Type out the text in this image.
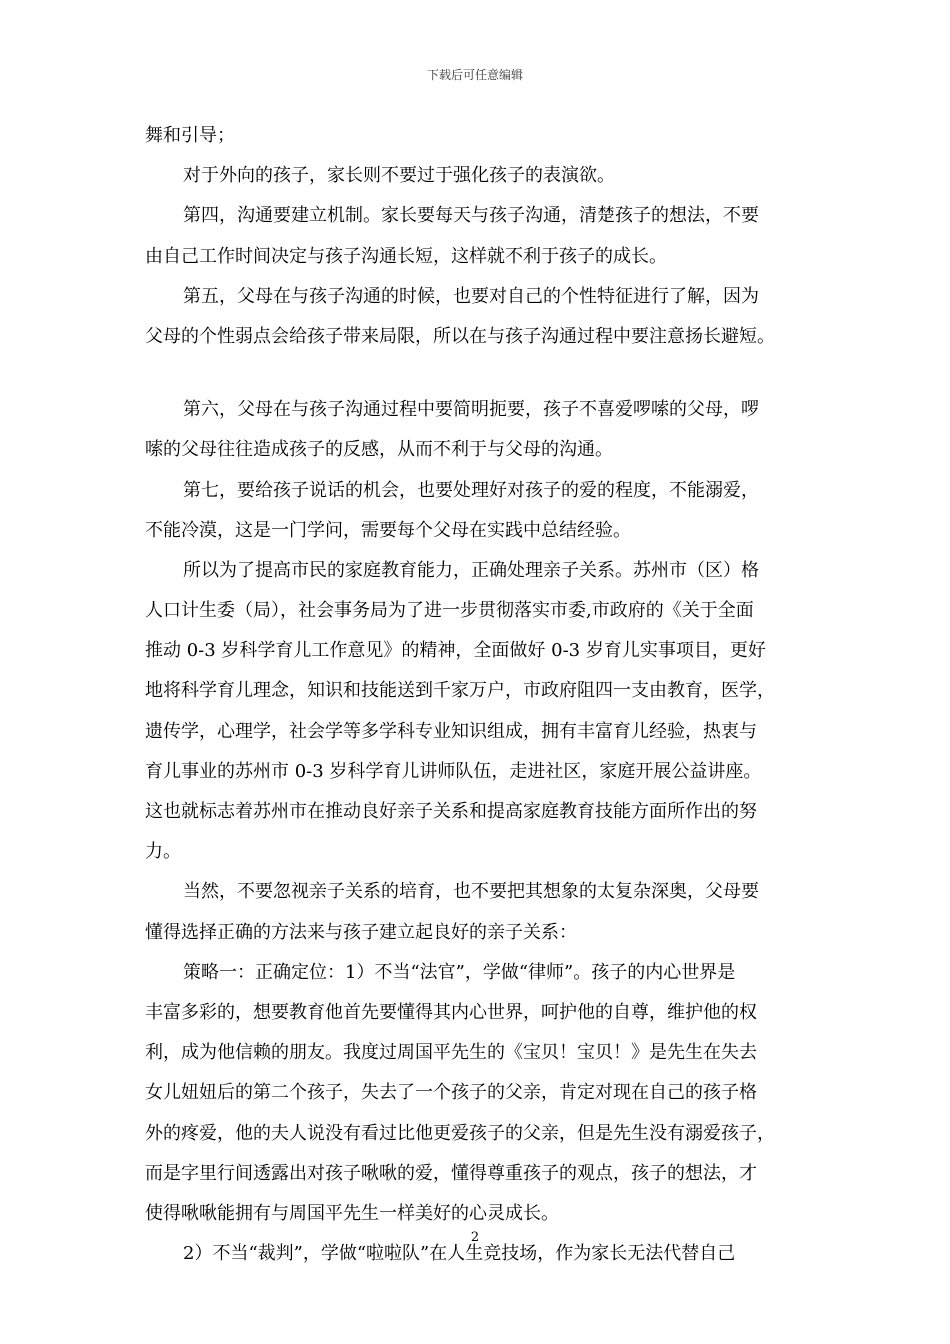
下载后可任意编辑
舞和引导；
对于外向的孩子，家长则不要过于强化孩子的表演欲。
第四，沟通要建立机制。家长要每天与孩子沟通，清楚孩子的想法，不要
由自己工作时间决定与孩子沟通长短，这样就不利于孩子的成长。
第五，父母在与孩子沟通的时候，也要对自己的个性特征进行了解，因为
父母的个性弱点会给孩子带来局限，所以在与孩子沟通过程中要注意扬长避短。
第六，父母在与孩子沟通过程中要简明扼要，孩子不喜爱啰嗦的父母，啰
嗦的父母往往造成孩子的反感，从而不利于与父母的沟通。
第七，要给孩子说话的机会，也要处理好对孩子的爱的程度，不能溺爱，
不能冷漠，这是一门学问，需要每个父母在实践中总结经验。
所以为了提高市民的家庭教育能力，正确处理亲子关系。苏州市（区）格
人口计生委（局），社会事务局为了进一步贯彻落实市委,市政府的《关于全面
推动 0-3 岁科学育儿工作意见》的精神，全面做好 0-3 岁育儿实事项目，更好
地将科学育儿理念，知识和技能送到千家万户，市政府阻四一支由教育，医学，
遗传学，心理学，社会学等多学科专业知识组成，拥有丰富育儿经验，热衷与
育儿事业的苏州市 0-3 岁科学育儿讲师队伍，走进社区，家庭开展公益讲座。
这也就标志着苏州市在推动良好亲子关系和提高家庭教育技能方面所作出的努
力。
当然，不要忽视亲子关系的培育，也不要把其想象的太复杂深奥，父母要
懂得选择正确的方法来与孩子建立起良好的亲子关系：
策略一：正确定位：1）不当“法官”，学做“律师”。孩子的内心世界是
丰富多彩的，想要教育他首先要懂得其内心世界，呵护他的自尊，维护他的权
利，成为他信赖的朋友。我度过周国平先生的《宝贝！宝贝！》是先生在失去
女儿妞妞后的第二个孩子，失去了一个孩子的父亲，肯定对现在自己的孩子格
外的疼爱，他的夫人说没有看过比他更爱孩子的父亲，但是先生没有溺爱孩子，
而是字里行间透露出对孩子啾啾的爱，懂得尊重孩子的观点，孩子的想法，才
使得啾啾能拥有与周国平先生一样美好的心灵成长。
2）不当“裁判”，学做“啦啦队”在人生竞技场，作为家长无法代替自己
2
